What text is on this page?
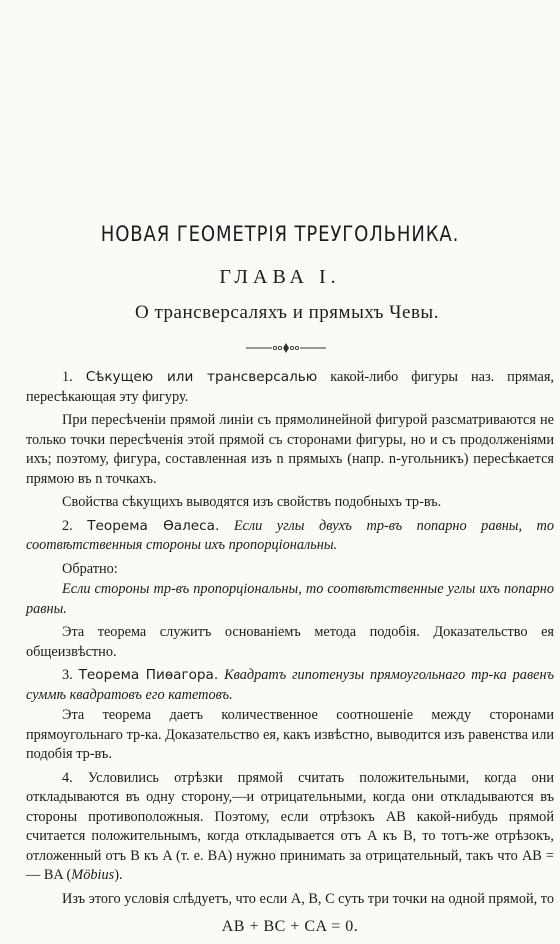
НОВАЯ ГЕОМЕТРІЯ ТРЕУГОЛЬНИКА.
ГЛАВА I.
О трансверсаляхъ и прямыхъ Чевы.

1. Сѣкущею или трансверсалью какой-либо фигуры наз. прямая, пересѣкающая эту фигуру.

При пересѣченіи прямой линіи съ прямолинейной фигурой разсматриваются не только точки пересѣченія этой прямой съ сторонами фигуры, но и съ продолженіями ихъ; поэтому, фигура, составленная изъ n прямыхъ (напр. n-угольникъ) пересѣкается прямою въ n точкахъ.

Свойства сѣкущихъ выводятся изъ свойствъ подобныхъ тр-въ.

2. Теорема Ѳалеса. Если углы двухъ тр-въ попарно равны, то соотвѣтственныя стороны ихъ пропорціональны.

Обратно:

Если стороны тр-въ пропорціональны, то соотвѣтственные углы ихъ попарно равны.

Эта теорема служитъ основаніемъ метода подобія. Доказательство ея общеизвѣстно.

3. Теорема Пиѳагора. Квадратъ гипотенузы прямоугольнаго тр-ка равенъ суммѣ квадратовъ его катетовъ.

Эта теорема даетъ количественное соотношеніе между сторонами прямоугольнаго тр-ка. Доказательство ея, какъ извѣстно, выводится изъ равенства или подобія тр-въ.

4. Условились отрѣзки прямой считать положительными, когда они откладываются въ одну сторону,—и отрицательными, когда они откладываются въ стороны противоположныя. Поэтому, если отрѣзокъ AB какой-нибудь прямой считается положительнымъ, когда откладывается отъ A къ B, то тотъ-же отрѣзокъ, отложенный отъ B къ A (т. е. BA) нужно принимать за отрицательный, такъ что AB = — BA (Möbius).

Изъ этого условія слѣдуетъ, что если A, B, C суть три точки на одной прямой, то

AB + BC + CA = 0.
